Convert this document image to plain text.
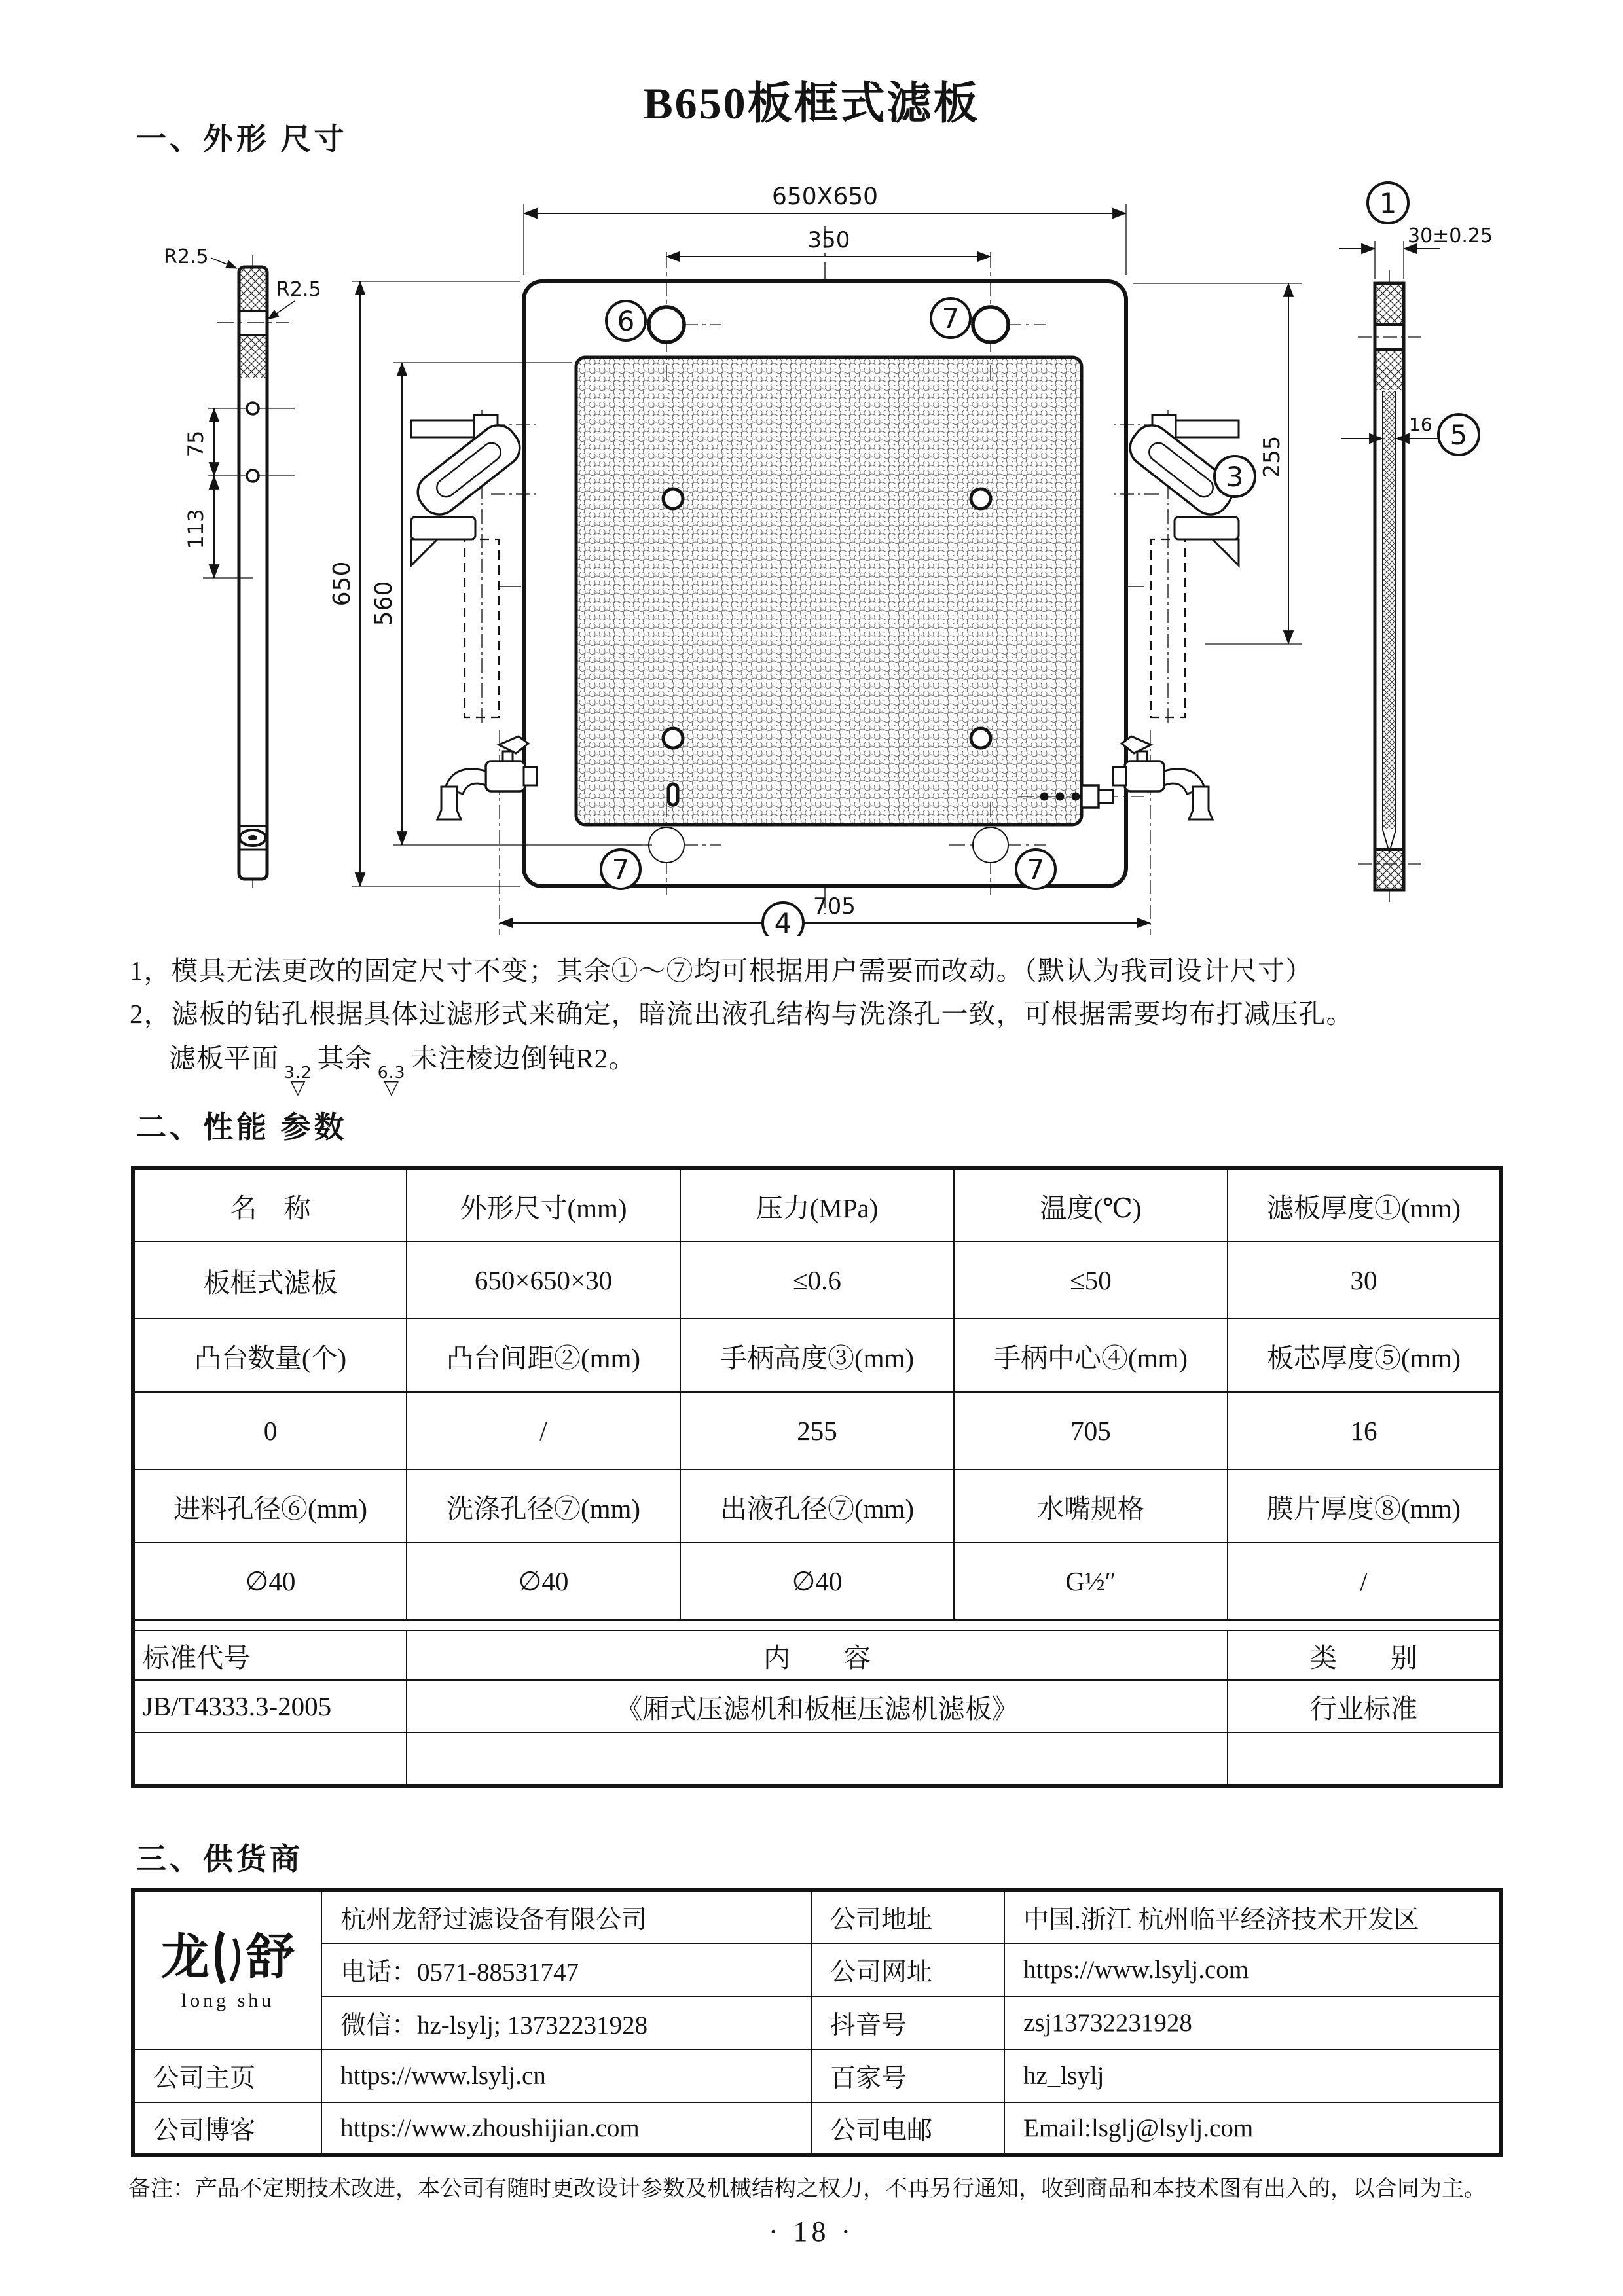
B650板框式滤板
一、外形 尺寸
75
113
R2.5
R2.5
6	7
7	7
650X650
350
650 560
4
705
255
3
1
30±0.25
16 5
1，模具无法更改的固定尺寸不变；其余①～⑦均可根据用户需要而改动。（默认为我司设计尺寸）
2，滤板的钻孔根据具体过滤形式来确定，暗流出液孔结构与洗涤孔一致，可根据需要均布打减压孔。
滤板平面 3.2
▽
其余 6.3
▽
未注棱边倒钝R2。
二、性能 参数
名　称	外形尺寸(mm)	压力(MPa)	温度(℃)	滤板厚度①(mm)
板框式滤板	650×650×30	≤0.6	≤50	30
凸台数量(个)	凸台间距②(mm)	手柄高度③(mm)	手柄中心④(mm)	板芯厚度⑤(mm)
0	/	255	705	16
进料孔径⑥(mm)	洗涤孔径⑦(mm)	出液孔径⑦(mm)	水嘴规格	膜片厚度⑧(mm)
∅40	∅40	∅40	G½″	/

标准代号	内　　容			类　　别
JB/T4333.3-2005	《厢式压滤机和板框压滤机滤板》			行业标准

三、供货商
龙 舒
long shu	杭州龙舒过滤设备有限公司	公司地址	中国.浙江 杭州临平经济技术开发区
	电话：0571-88531747	公司网址	https://www.lsylj.com
	微信：hz-lsylj; 13732231928	抖音号	zsj13732231928
公司主页	https://www.lsylj.cn	百家号	hz_lsylj
公司博客	https://www.zhoushijian.com	公司电邮	Email:lsglj@lsylj.com
备注：产品不定期技术改进，本公司有随时更改设计参数及机械结构之权力，不再另行通知，收到商品和本技术图有出入的，以合同为主。
· 18 ·
